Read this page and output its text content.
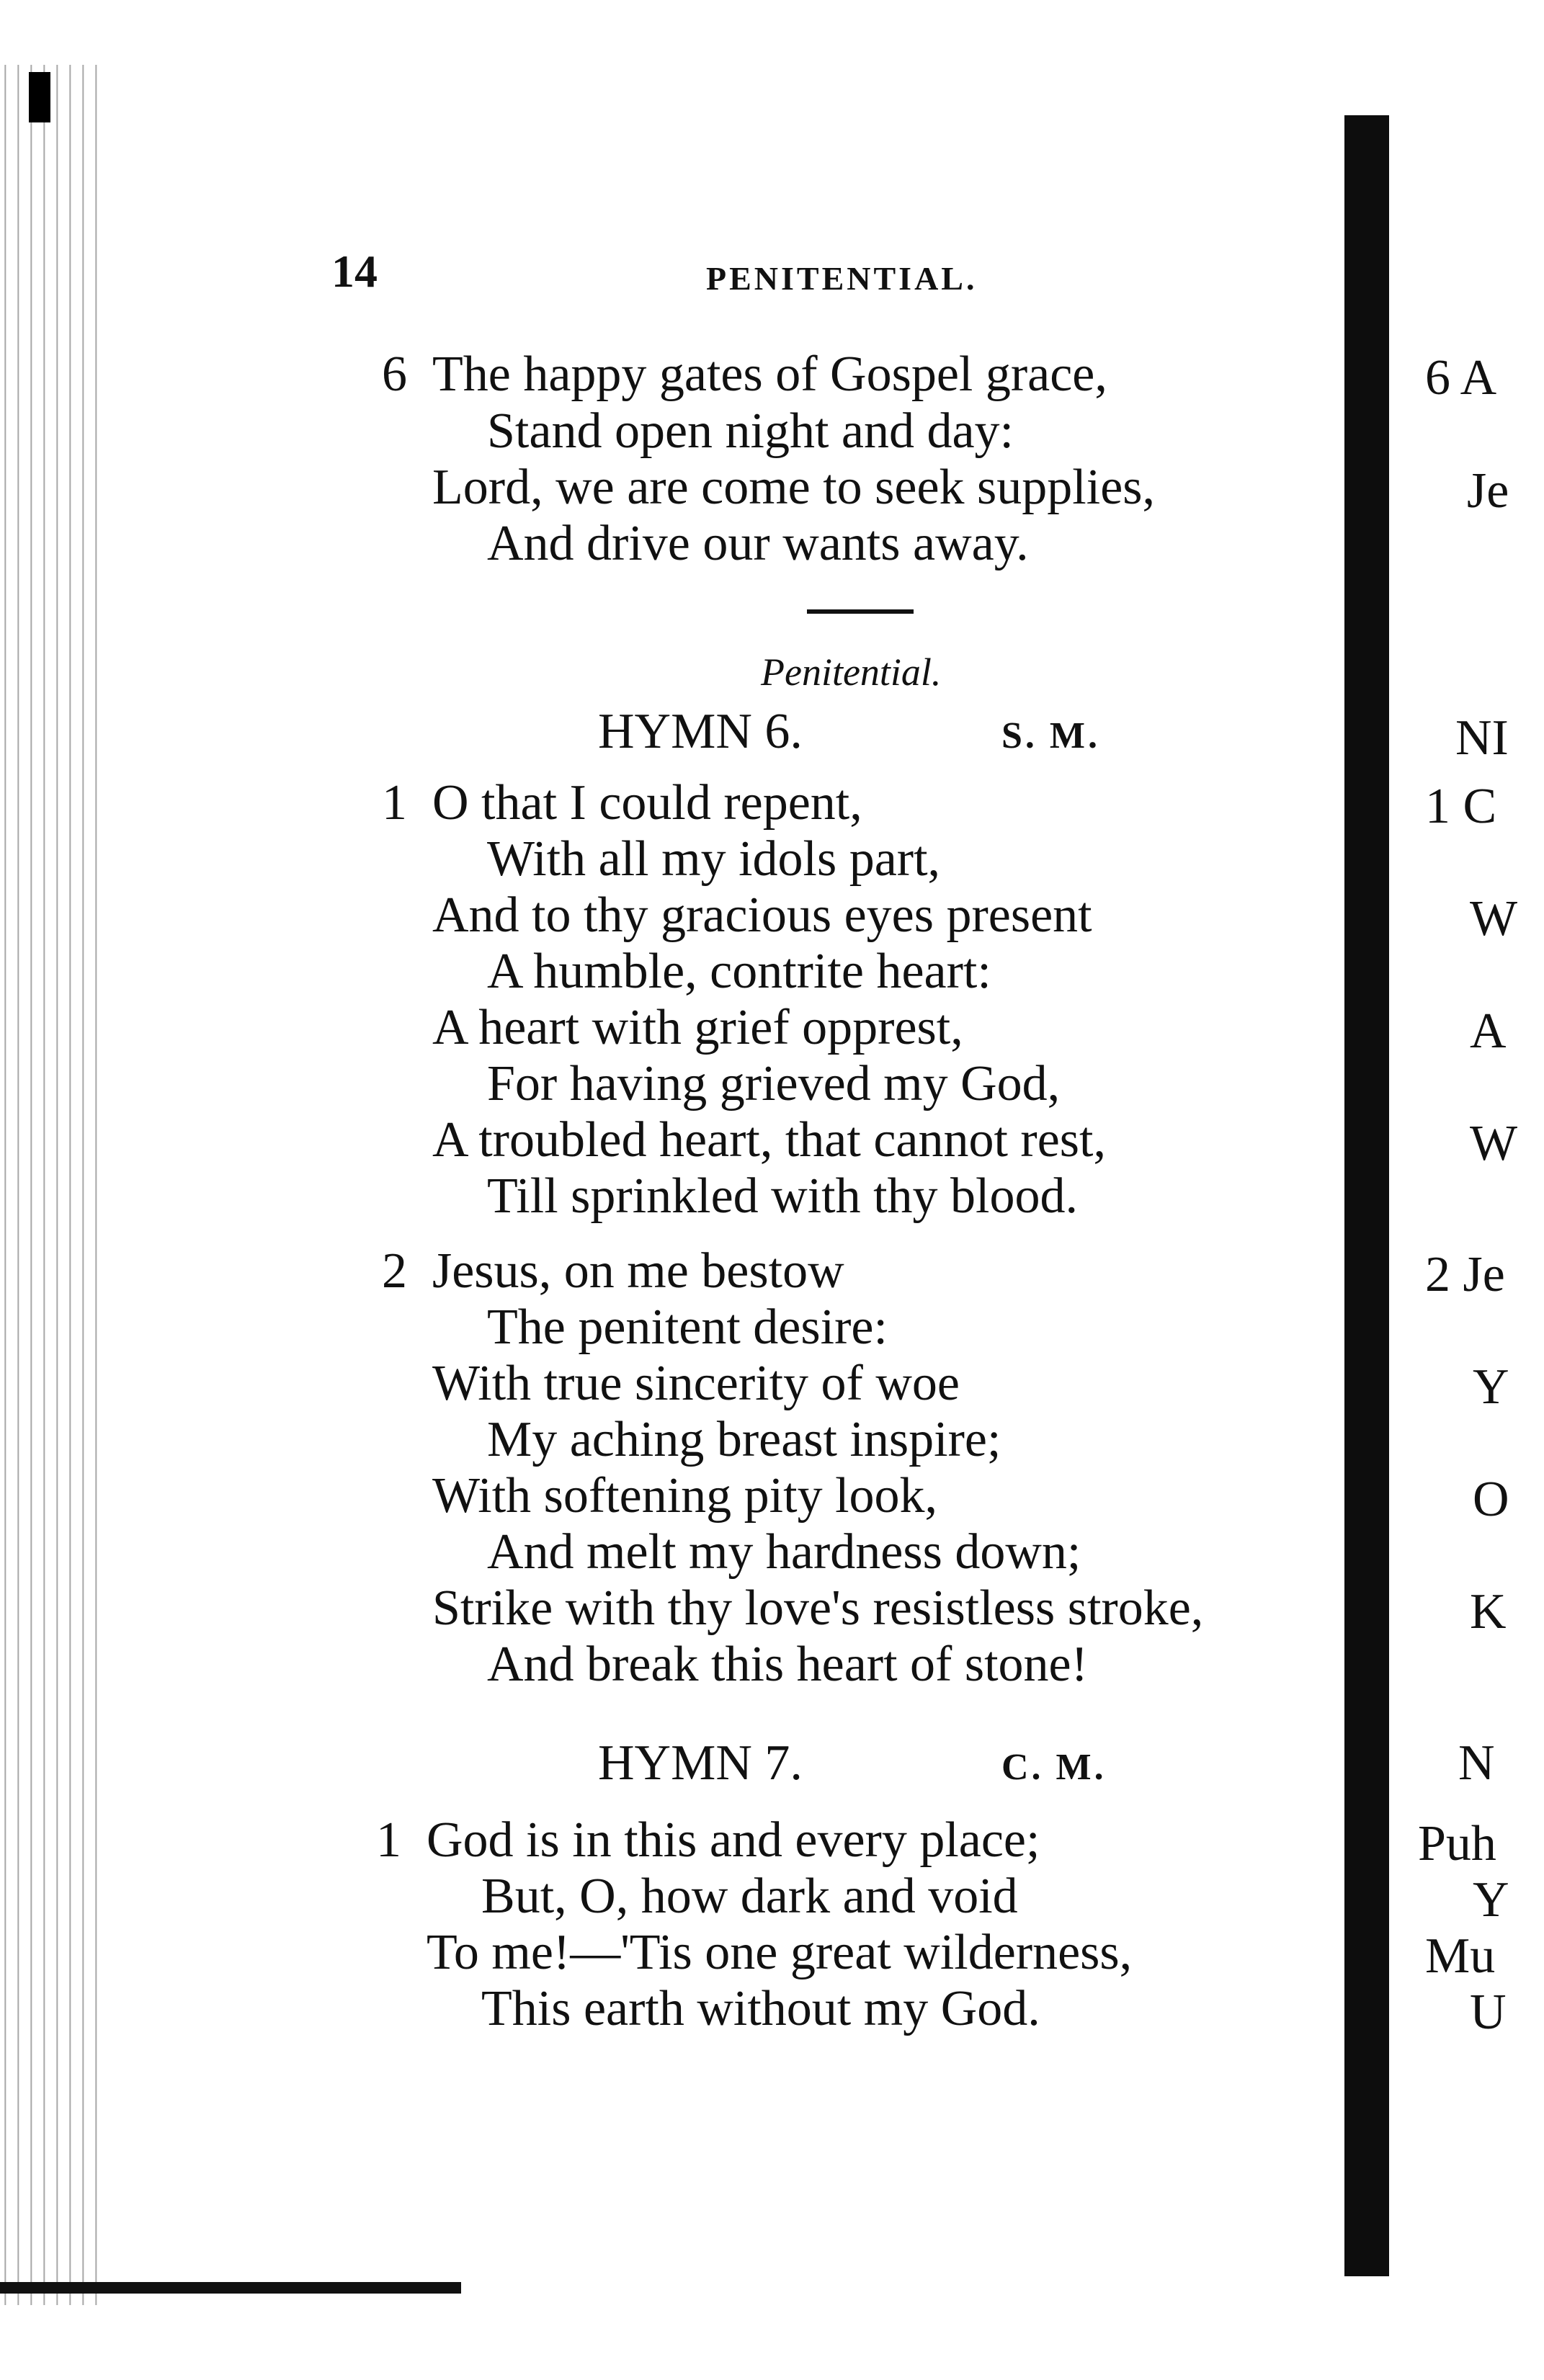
14	PENITENTIAL.
6 The happy gates of Gospel grace,
Stand open night and day:
Lord, we are come to seek supplies,
And drive our wants away.
Penitential.
HYMN 6.	S. M.
1 O that I could repent,
With all my idols part,
And to thy gracious eyes present
A humble, contrite heart:
A heart with grief opprest,
For having grieved my God,
A troubled heart, that cannot rest,
Till sprinkled with thy blood.
2 Jesus, on me bestow
The penitent desire:
With true sincerity of woe
My aching breast inspire;
With softening pity look,
And melt my hardness down;
Strike with thy love's resistless stroke,
And break this heart of stone!
HYMN 7.	C. M.
1 God is in this and every place;
But, O, how dark and void
To me!—'Tis one great wilderness,
This earth without my God.
6 A
Je
NI
1 C
W
A
W
2 Je
Y
O
K
N
Puh
Y
Mu
U
